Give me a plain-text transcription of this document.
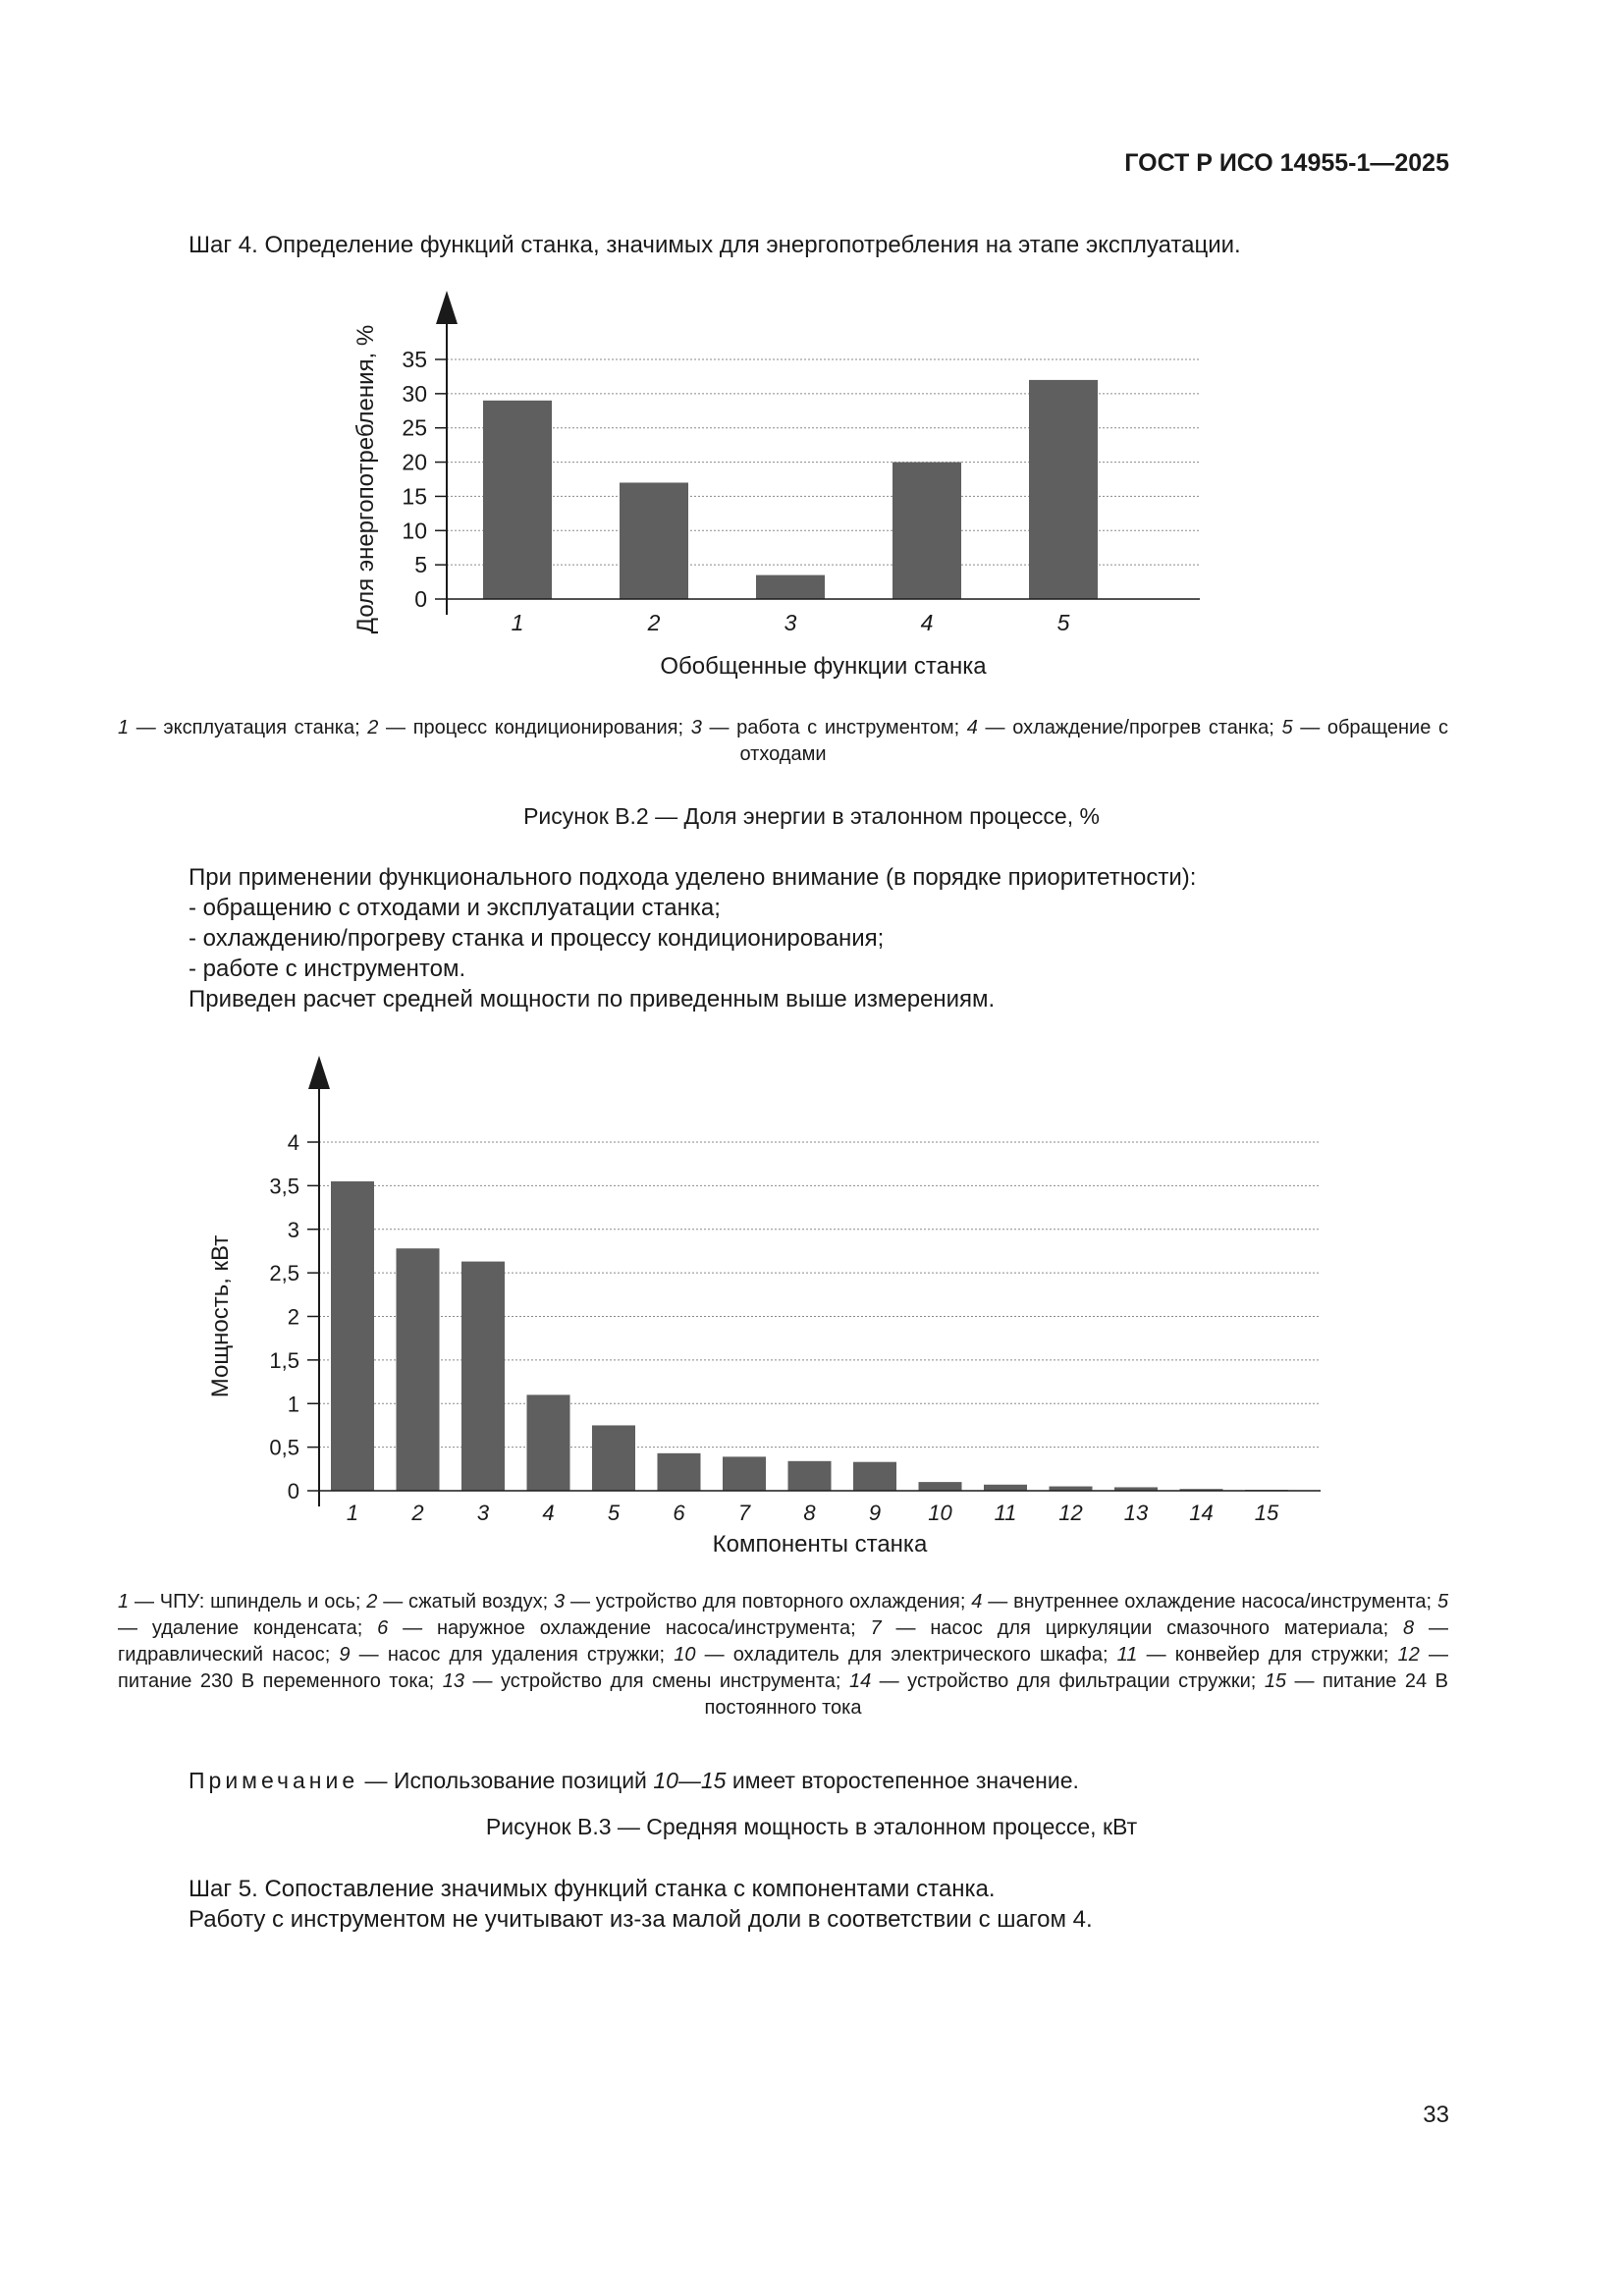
ГОСТ Р ИСО 14955-1—2025
Шаг 4. Определение функций станка, значимых для энергопотребления на этапе эксплуатации.
0
5
10
15
20
25
30
35
1	2	3	4	5
Обобщенные функции станка
Доля энергопотребления, %
0
0,5
1
1,5
2
2,5
3
3,5
4
1 2 3 4 5 6 7 8 9 10 11 12 13 14 15
Компоненты станка
Мощность, кВт
1 — эксплуатация станка; 2 — процесс кондиционирования; 3 — работа с инструментом; 4 — охлаждение/прогрев станка; 5 — обращение с отходами
Рисунок В.2 — Доля энергии в эталонном процессе, %
При применении функционального подхода уделено внимание (в порядке приоритетности):
- обращению с отходами и эксплуатации станка;
- охлаждению/прогреву станка и процессу кондиционирования;
- работе с инструментом.
Приведен расчет средней мощности по приведенным выше измерениям.
1 — ЧПУ: шпиндель и ось; 2 — сжатый воздух; 3 — устройство для повторного охлаждения; 4 — внутреннее охлаждение насоса/инструмента; 5 — удаление конденсата; 6 — наружное охлаждение насоса/инструмента; 7 — насос для циркуляции смазочного материала; 8 — гидравлический насос; 9 — насос для удаления стружки; 10 — охладитель для электрического шкафа; 11 — конвейер для стружки; 12 — питание 230 В переменного тока; 13 — устройство для смены инструмента; 14 — устройство для фильтрации стружки; 15 — питание 24 В постоянного тока
Примечание — Использование позиций 10—15 имеет второстепенное значение.
Рисунок В.3 — Средняя мощность в эталонном процессе, кВт
Шаг 5. Сопоставление значимых функций станка с компонентами станка.
Работу с инструментом не учитывают из-за малой доли в соответствии с шагом 4.
33
